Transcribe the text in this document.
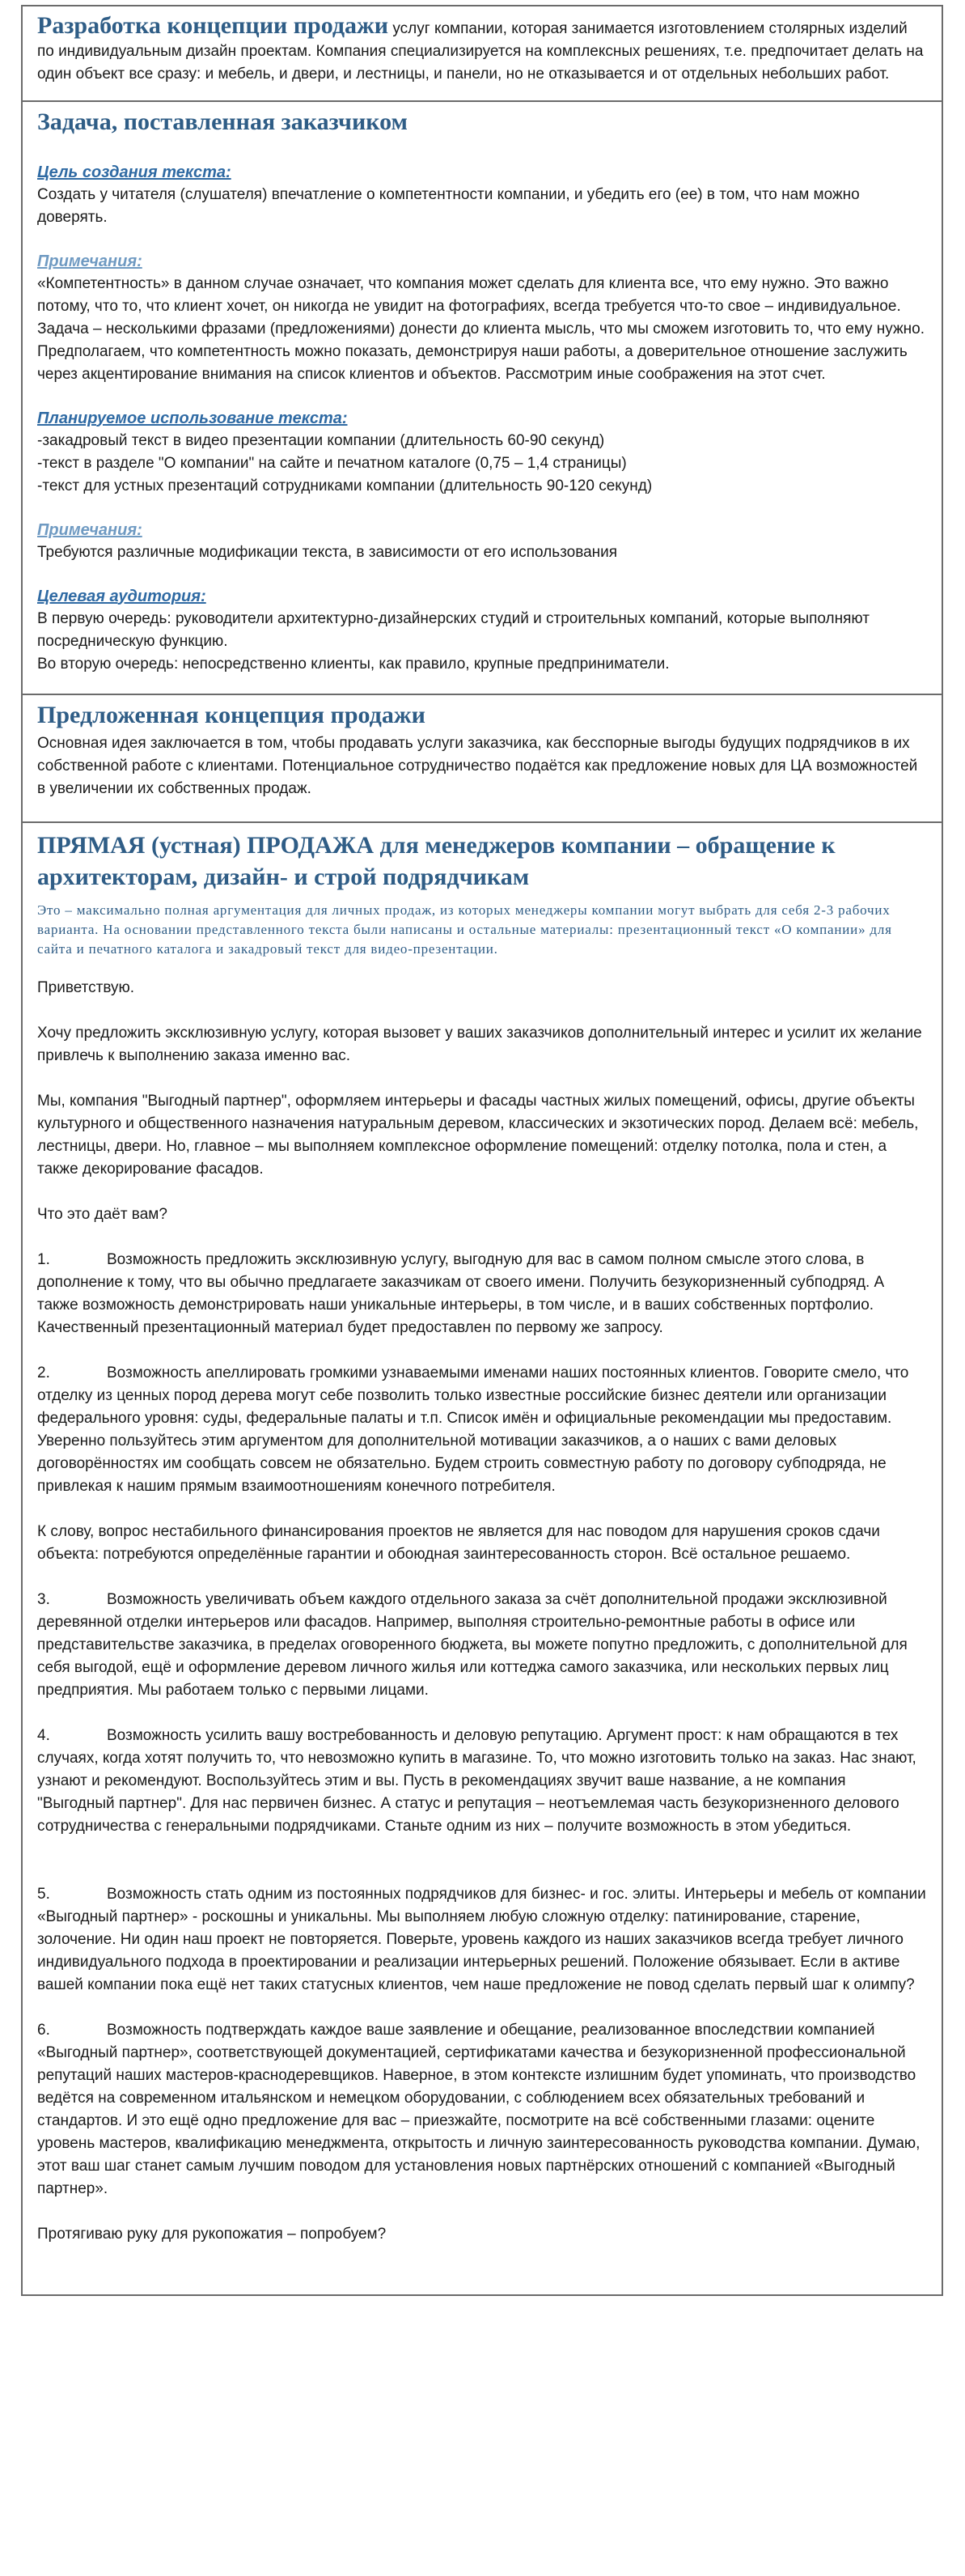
Разработка концепции продажи услуг компании, которая занимается изготовлением столярных изделий по индивидуальным дизайн проектам. Компания специализируется на комплексных решениях, т.е. предпочитает делать на один объект все сразу: и мебель, и двери, и лестницы, и панели, но не отказывается и от отдельных небольших работ.

Задача, поставленная заказчиком
Цель создания текста:

Создать у читателя (слушателя) впечатление о компетентности компании, и убедить его (ее) в том, что нам можно доверять.

Примечания:

«Компетентность» в данном случае означает, что компания может сделать для клиента все, что ему нужно. Это важно потому, что то, что клиент хочет, он никогда не увидит на фотографиях, всегда требуется что-то свое – индивидуальное. Задача – несколькими фразами (предложениями) донести до клиента мысль, что мы сможем изготовить то, что ему нужно.

Предполагаем, что компетентность можно показать, демонстрируя наши работы, а доверительное отношение заслужить через акцентирование внимания на список клиентов и объектов. Рассмотрим иные соображения на этот счет.

Планируемое использование текста:

-закадровый текст в видео презентации компании (длительность 60-90 секунд)

-текст в разделе "О компании" на сайте и печатном каталоге (0,75 – 1,4 страницы)

-текст для устных презентаций сотрудниками компании (длительность 90-120 секунд)

Примечания:

Требуются различные модификации текста, в зависимости от его использования

Целевая аудитория:

В первую очередь: руководители архитектурно-дизайнерских студий и строительных компаний, которые выполняют посредническую функцию.

Во вторую очередь: непосредственно клиенты, как правило, крупные предприниматели.

Предложенная концепция продажи

Основная идея заключается в том, чтобы продавать услуги заказчика, как бесспорные выгоды будущих подрядчиков в их собственной работе с клиентами. Потенциальное сотрудничество подаётся как предложение новых для ЦА возможностей в увеличении их собственных продаж.

ПРЯМАЯ (устная) ПРОДАЖА для менеджеров компании – обращение к архитекторам, дизайн- и строй подрядчикам

Это – максимально полная аргументация для личных продаж, из которых менеджеры компании могут выбрать для себя 2-3 рабочих варианта. На основании представленного текста были написаны и остальные материалы: презентационный текст «О компании» для сайта и печатного каталога и закадровый текст для видео-презентации.

Приветствую.

Хочу предложить эксклюзивную услугу, которая вызовет у ваших заказчиков дополнительный интерес и усилит их желание привлечь к выполнению заказа именно вас.

Мы, компания "Выгодный партнер", оформляем интерьеры и фасады частных жилых помещений, офисы, другие объекты культурного и общественного назначения натуральным деревом, классических и экзотических пород. Делаем всё: мебель, лестницы, двери. Но, главное – мы выполняем комплексное оформление помещений: отделку потолка, пола и стен, а также декорирование фасадов.

Что это даёт вам?

1.	Возможность предложить эксклюзивную услугу, выгодную для вас в самом полном смысле этого слова, в дополнение к тому, что вы обычно предлагаете заказчикам от своего имени. Получить безукоризненный субподряд. А также возможность демонстрировать наши уникальные интерьеры, в том числе, и в ваших собственных портфолио. Качественный презентационный материал будет предоставлен по первому же запросу.

2.	Возможность апеллировать громкими узнаваемыми именами наших постоянных клиентов. Говорите смело, что отделку из ценных пород дерева могут себе позволить только известные российские бизнес деятели или организации федерального уровня: суды, федеральные палаты и т.п. Список имён и официальные рекомендации мы предоставим. Уверенно пользуйтесь этим аргументом для дополнительной мотивации заказчиков, а о наших с вами деловых договорённостях им сообщать совсем не обязательно. Будем строить совместную работу по договору субподряда, не привлекая к нашим прямым взаимоотношениям конечного потребителя.

К слову, вопрос нестабильного финансирования проектов не является для нас поводом для нарушения сроков сдачи объекта: потребуются определённые гарантии и обоюдная заинтересованность сторон. Всё остальное решаемо.

3.	Возможность увеличивать объем каждого отдельного заказа за счёт дополнительной продажи эксклюзивной деревянной отделки интерьеров или фасадов. Например, выполняя строительно-ремонтные работы в офисе или представительстве заказчика, в пределах оговоренного бюджета, вы можете попутно предложить, с дополнительной для себя выгодой, ещё и оформление деревом личного жилья или коттеджа самого заказчика, или нескольких первых лиц предприятия. Мы работаем только с первыми лицами.

4.	Возможность усилить вашу востребованность и деловую репутацию. Аргумент прост: к нам обращаются в тех случаях, когда хотят получить то, что невозможно купить в магазине. То, что можно изготовить только на заказ. Нас знают, узнают и рекомендуют. Воспользуйтесь этим и вы. Пусть в рекомендациях звучит ваше название, а не компания "Выгодный партнер". Для нас первичен бизнес. А статус и репутация – неотъемлемая часть безукоризненного делового сотрудничества с генеральными подрядчиками. Станьте одним из них – получите возможность в этом убедиться.

5.	Возможность стать одним из постоянных подрядчиков для бизнес- и гос. элиты. Интерьеры и мебель от компании «Выгодный партнер» - роскошны и уникальны. Мы выполняем любую сложную отделку: патинирование, старение, золочение. Ни один наш проект не повторяется. Поверьте, уровень каждого из наших заказчиков всегда требует личного индивидуального подхода в проектировании и реализации интерьерных решений. Положение обязывает. Если в активе вашей компании пока ещё нет таких статусных клиентов, чем наше предложение не повод сделать первый шаг к олимпу?

6.	Возможность подтверждать каждое ваше заявление и обещание, реализованное впоследствии компанией «Выгодный партнер», соответствующей документацией, сертификатами качества и безукоризненной профессиональной репутаций наших мастеров-краснодеревщиков. Наверное, в этом контексте излишним будет упоминать, что производство ведётся на современном итальянском и немецком оборудовании, с соблюдением всех обязательных требований и стандартов. И это ещё одно предложение для вас – приезжайте, посмотрите на всё собственными глазами: оцените уровень мастеров, квалификацию менеджмента, открытость и личную заинтересованность руководства компании. Думаю, этот ваш шаг станет самым лучшим поводом для установления новых партнёрских отношений с компанией «Выгодный партнер».

Протягиваю руку для рукопожатия – попробуем?
